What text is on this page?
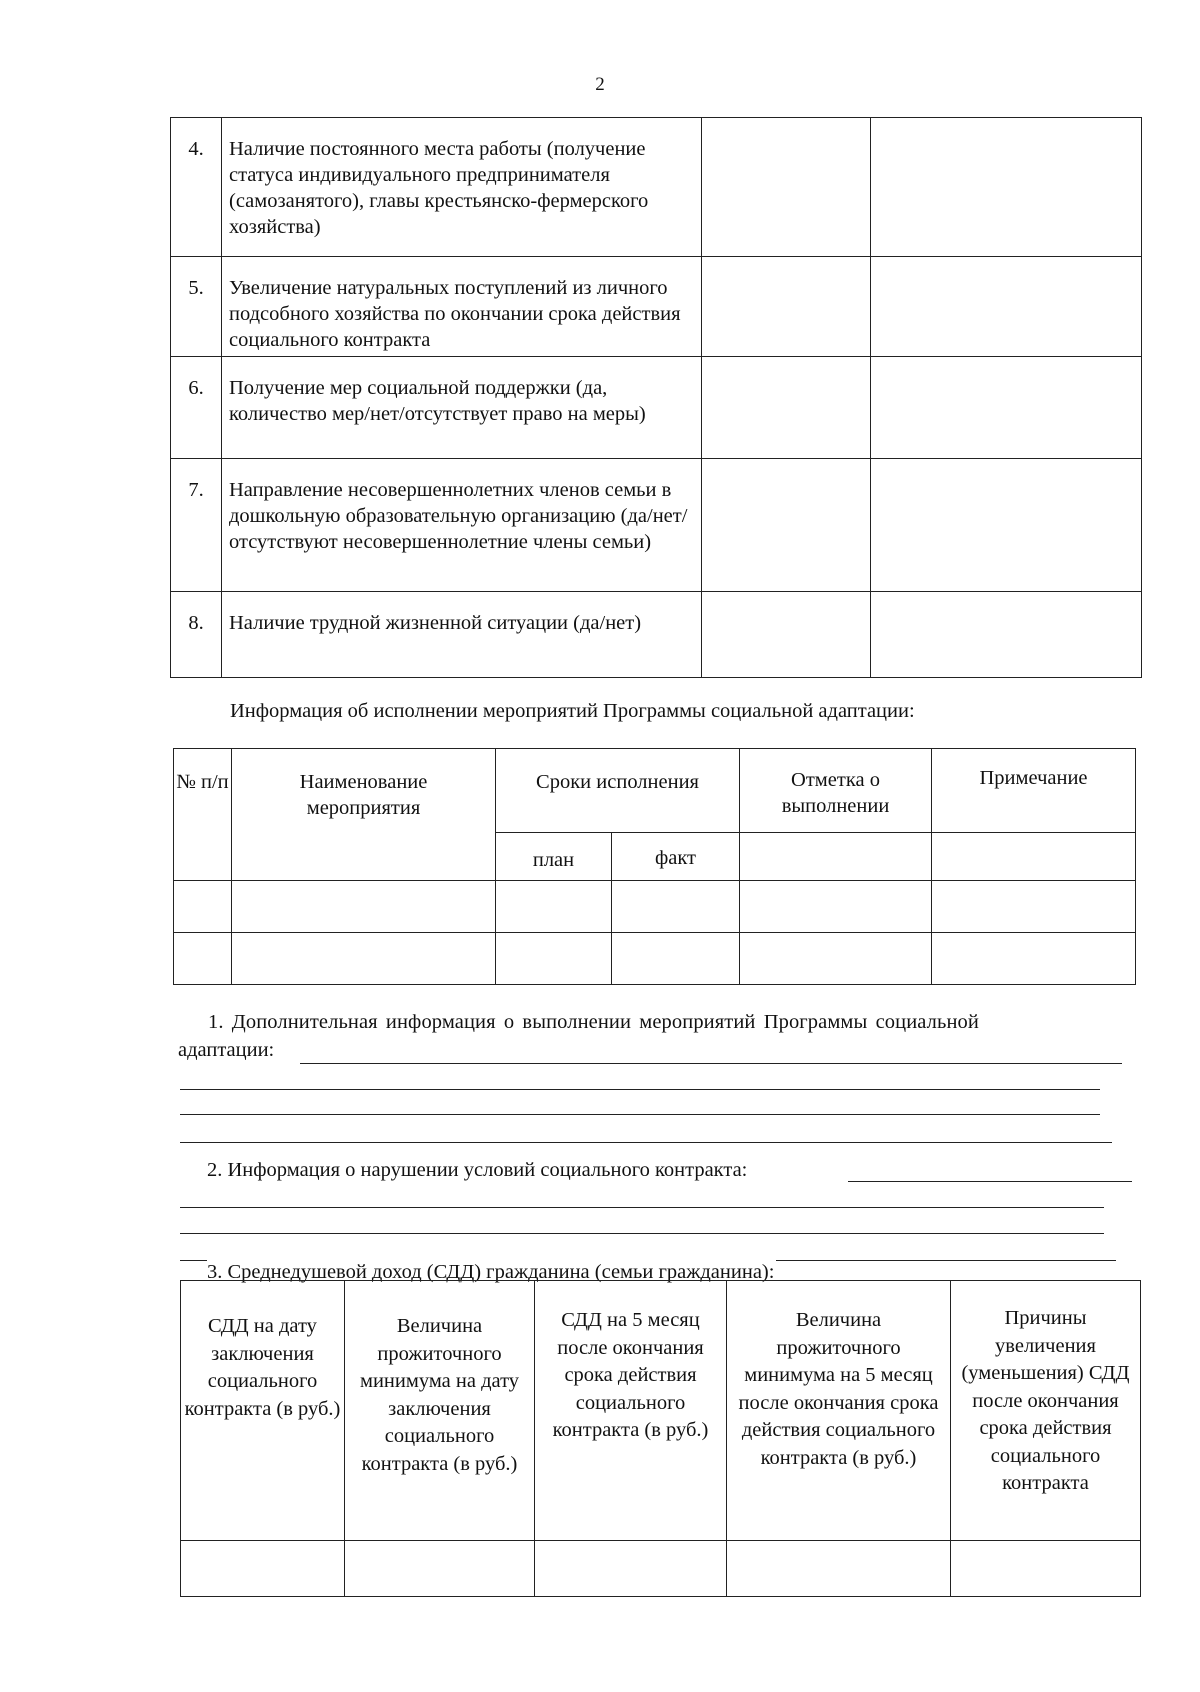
2
4.	Наличие постоянного места работы (получение статуса индивидуального предпринимателя (самозанятого), главы крестьянско-фермерского хозяйства)		
5.	Увеличение натуральных поступлений из личного подсобного хозяйства по окончании срока действия социального контракта		
6.	Получение мер социальной поддержки (да, количество мер/нет/отсутствует право на меры)		
7.	Направление несовершеннолетних членов семьи в дошкольную образовательную организацию (да/нет/отсутствуют несовершеннолетние члены семьи)		
8.	Наличие трудной жизненной ситуации (да/нет)		
Информация об исполнении мероприятий Программы социальной адаптации:
№ п/п	Наименование мероприятия	Сроки исполнения		Отметка о выполнении	Примечание
		план	факт		

1. Дополнительная информация о выполнении мероприятий Программы социальной
адаптации:
2. Информация о нарушении условий социального контракта:
3. Среднедушевой доход (СДД) гражданина (семьи гражданина):
СДД на дату заключения социального контракта (в руб.)	Величина прожиточного минимума на дату заключения социального контракта (в руб.)	СДД на 5 месяц после окончания срока действия социального контракта (в руб.)	Величина прожиточного минимума на 5 месяц после окончания срока действия социального контракта (в руб.)	Причины увеличения (уменьшения) СДД после окончания срока действия социального контракта
